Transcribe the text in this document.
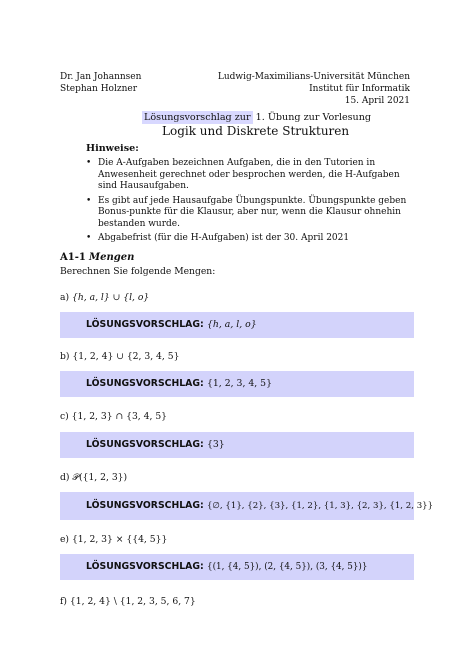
Dr. Jan Johannsen
Stephan Holzner
Ludwig-Maximilians-Universität München
Institut für Informatik
15. April 2021
Lösungsvorschlag zur 1. Übung zur Vorlesung
Logik und Diskrete Strukturen
Hinweise:
• Die A-Aufgaben bezeichnen Aufgaben, die in den Tutorien in Anwesenheit gerechnet oder besprochen werden, die H-Aufgaben sind Hausaufgaben.
• Es gibt auf jede Hausaufgabe Übungspunkte. Übungspunkte geben Bonus-punkte für die Klausur, aber nur, wenn die Klausur ohnehin bestanden wurde.
• Abgabefrist (für die H-Aufgaben) ist der 30. April 2021
A1-1 Mengen
Berechnen Sie folgende Mengen:
a) {h, a, l} ∪ {l, o}
LÖSUNGSVORSCHLAG: {h, a, l, o}
b) {1, 2, 4} ∪ {2, 3, 4, 5}
LÖSUNGSVORSCHLAG: {1, 2, 3, 4, 5}
c) {1, 2, 3} ∩ {3, 4, 5}
LÖSUNGSVORSCHLAG: {3}
d) 𝒫({1, 2, 3})
LÖSUNGSVORSCHLAG: {∅, {1}, {2}, {3}, {1, 2}, {1, 3}, {2, 3}, {1, 2, 3}}
e) {1, 2, 3} × {{4, 5}}
LÖSUNGSVORSCHLAG: {(1, {4, 5}), (2, {4, 5}), (3, {4, 5})}
f) {1, 2, 4} \ {1, 2, 3, 5, 6, 7}
